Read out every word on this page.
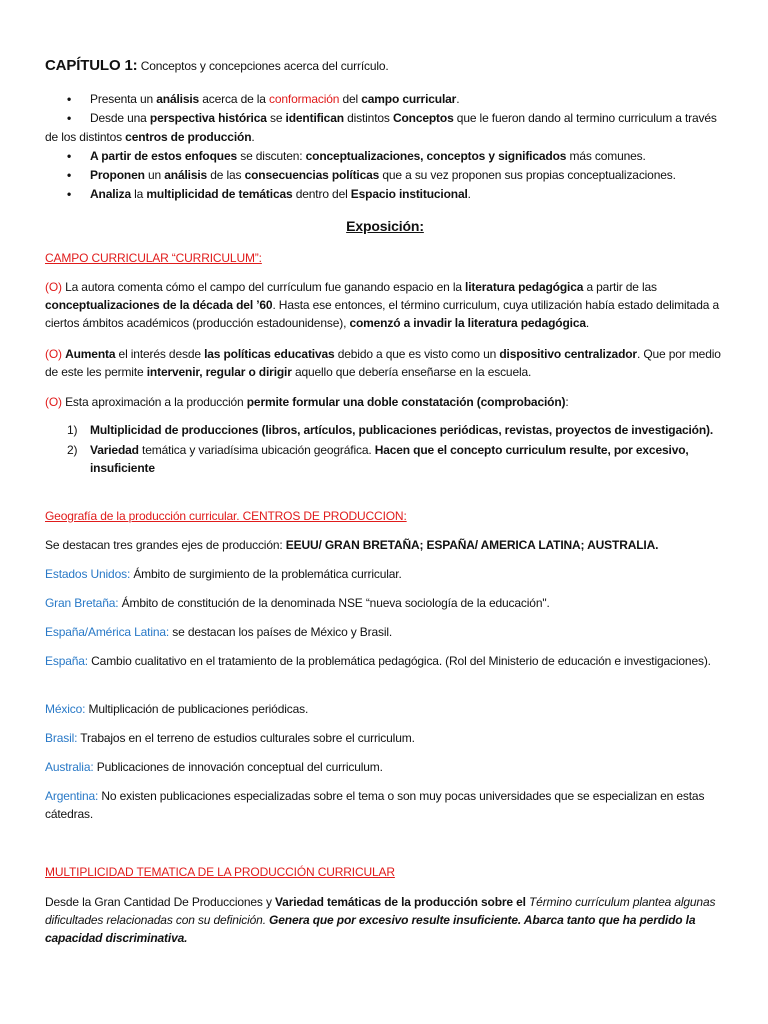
CAPÍTULO 1: Conceptos y concepciones acerca del currículo.
• Presenta un análisis acerca de la conformación del campo curricular.
• Desde una perspectiva histórica se identifican distintos Conceptos que le fueron dando al termino curriculum a través de los distintos centros de producción.
• A partir de estos enfoques se discuten: conceptualizaciones, conceptos y significados más comunes.
• Proponen un análisis de las consecuencias políticas que a su vez proponen sus propias conceptualizaciones.
• Analiza la multiplicidad de temáticas dentro del Espacio institucional.
Exposición:
CAMPO CURRICULAR “CURRICULUM”:

(O) La autora comenta cómo el campo del currículum fue ganando espacio en la literatura pedagógica a partir de las conceptualizaciones de la década del ’60. Hasta ese entonces, el término curriculum, cuya utilización había estado delimitada a ciertos ámbitos académicos (producción estadounidense), comenzó a invadir la literatura pedagógica.

(O) Aumenta el interés desde las políticas educativas debido a que es visto como un dispositivo centralizador. Que por medio de este les permite intervenir, regular o dirigir aquello que debería enseñarse en la escuela.

(O) Esta aproximación a la producción permite formular una doble constatación (comprobación):

1) Multiplicidad de producciones (libros, artículos, publicaciones periódicas, revistas, proyectos de investigación).
2) Variedad temática y variadísima ubicación geográfica. Hacen que el concepto curriculum resulte, por excesivo, insuficiente
Geografía de la producción curricular. CENTROS DE PRODUCCION:

Se destacan tres grandes ejes de producción: EEUU/ GRAN BRETAÑA; ESPAÑA/ AMERICA LATINA; AUSTRALIA.

Estados Unidos: Ámbito de surgimiento de la problemática curricular.

Gran Bretaña: Ámbito de constitución de la denominada NSE “nueva sociología de la educación".

España/América Latina: se destacan los países de México y Brasil.

España: Cambio cualitativo en el tratamiento de la problemática pedagógica. (Rol del Ministerio de educación e investigaciones).

México: Multiplicación de publicaciones periódicas.

Brasil: Trabajos en el terreno de estudios culturales sobre el curriculum.

Australia: Publicaciones de innovación conceptual del curriculum.

Argentina: No existen publicaciones especializadas sobre el tema o son muy pocas universidades que se especializan en estas cátedras.

MULTIPLICIDAD TEMATICA DE LA PRODUCCIÓN CURRICULAR

Desde la Gran Cantidad De Producciones y Variedad temáticas de la producción sobre el Término currículum plantea algunas dificultades relacionadas con su definición. Genera que por excesivo resulte insuficiente. Abarca tanto que ha perdido la capacidad discriminativa.
